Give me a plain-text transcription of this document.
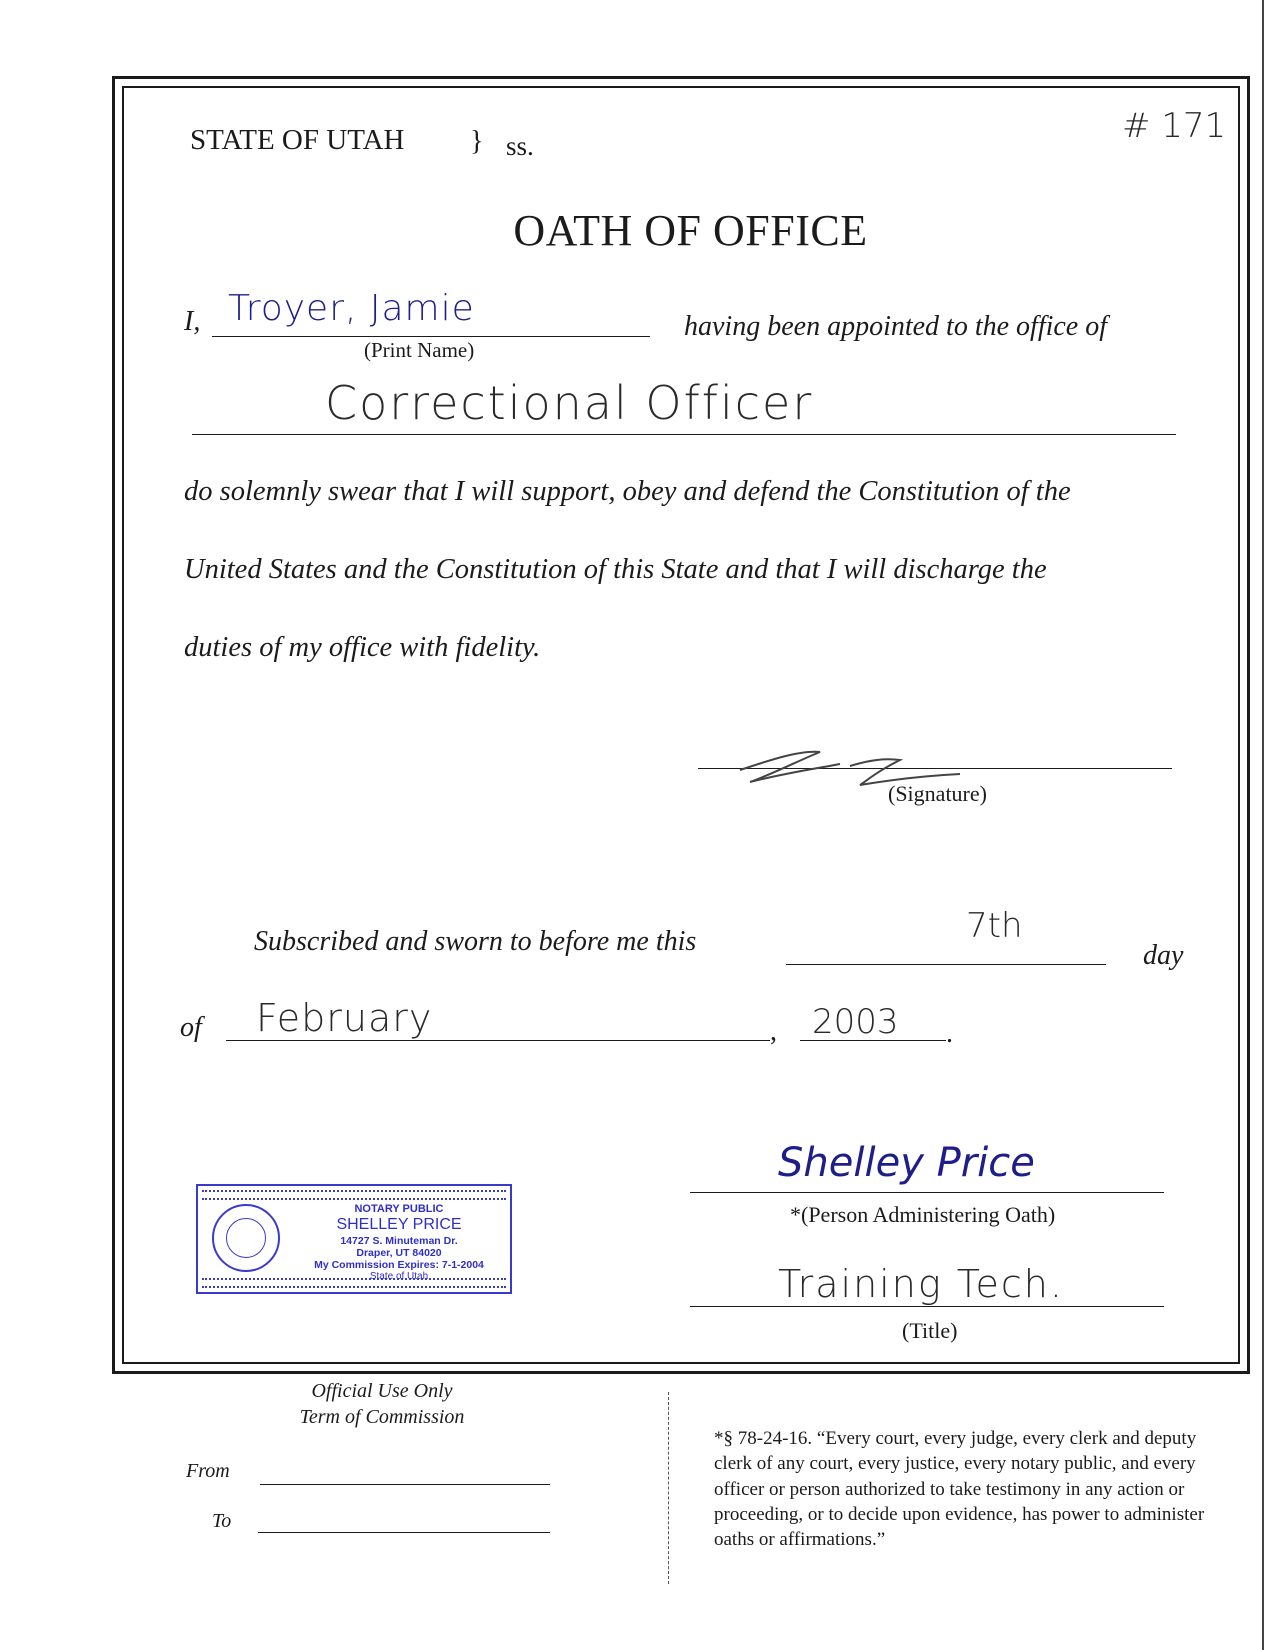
STATE OF UTAH } ss.	# 171
OATH OF OFFICE
I, Troyer, Jamie
(Print Name)
having been appointed to the office of
Correctional Officer
do solemnly swear that I will support, obey and defend the Constitution of the
United States and the Constitution of this State and that I will discharge the
duties of my office with fidelity.
(Signature)
Subscribed and sworn to before me this	7th
day
of February	, 2003 .
NOTARY PUBLIC
SHELLEY PRICE
14727 S. Minuteman Dr.
Draper, UT 84020
My Commission Expires: 7-1-2004
State of Utah
Shelley Price
*(Person Administering Oath)
Training Tech.
(Title)
Official Use Only
Term of Commission
From
To
*§ 78-24-16. “Every court, every judge, every clerk and deputy clerk of any court, every justice, every notary public, and every officer or person authorized to take testimony in any action or proceeding, or to decide upon evidence, has power to administer oaths or affirmations.”
